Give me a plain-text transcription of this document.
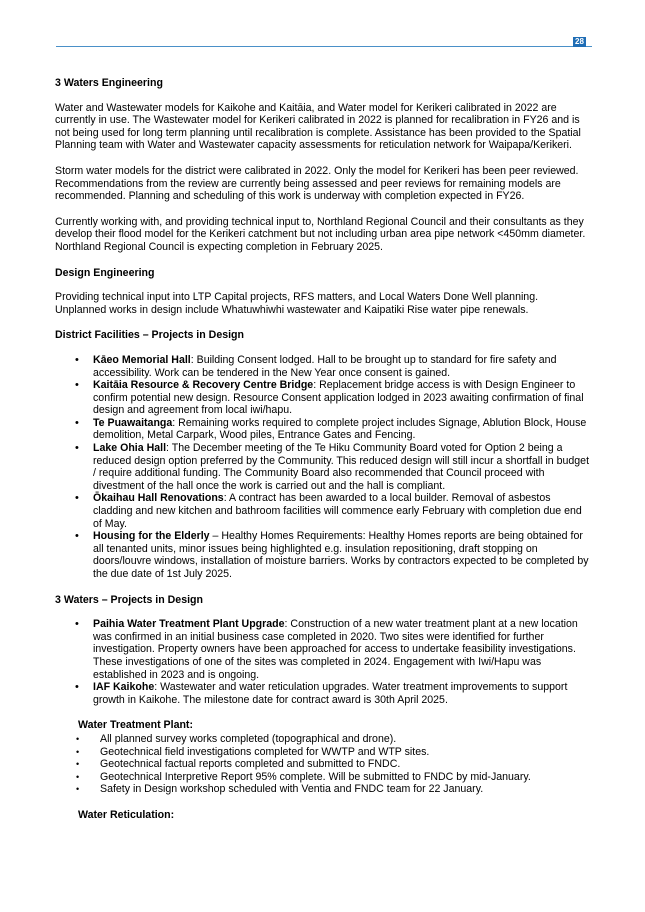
28
3 Waters Engineering

Water and Wastewater models for Kaikohe and Kaitāia, and Water model for Kerikeri calibrated in 2022 are currently in use. The Wastewater model for Kerikeri calibrated in 2022 is planned for recalibration in FY26 and is not being used for long term planning until recalibration is complete. Assistance has been provided to the Spatial Planning team with Water and Wastewater capacity assessments for reticulation network for Waipapa/Kerikeri.

Storm water models for the district were calibrated in 2022. Only the model for Kerikeri has been peer reviewed. Recommendations from the review are currently being assessed and peer reviews for remaining models are recommended. Planning and scheduling of this work is underway with completion expected in FY26.

Currently working with, and providing technical input to, Northland Regional Council and their consultants as they develop their flood model for the Kerikeri catchment but not including urban area pipe network <450mm diameter. Northland Regional Council is expecting completion in February 2025.

Design Engineering

Providing technical input into LTP Capital projects, RFS matters, and Local Waters Done Well planning. Unplanned works in design include Whatuwhiwhi wastewater and Kaipatiki Rise water pipe renewals.

District Facilities – Projects in Design
• Kāeo Memorial Hall: Building Consent lodged. Hall to be brought up to standard for fire safety and accessibility. Work can be tendered in the New Year once consent is gained.
• Kaitāia Resource & Recovery Centre Bridge: Replacement bridge access is with Design Engineer to confirm potential new design. Resource Consent application lodged in 2023 awaiting confirmation of final design and agreement from local iwi/hapu.
• Te Puawaitanga: Remaining works required to complete project includes Signage, Ablution Block, House demolition, Metal Carpark, Wood piles, Entrance Gates and Fencing.
• Lake Ohia Hall: The December meeting of the Te Hiku Community Board voted for Option 2 being a reduced design option preferred by the Community. This reduced design will still incur a shortfall in budget / require additional funding. The Community Board also recommended that Council proceed with divestment of the hall once the work is carried out and the hall is compliant.
• Ōkaihau Hall Renovations: A contract has been awarded to a local builder. Removal of asbestos cladding and new kitchen and bathroom facilities will commence early February with completion due end of May.
• Housing for the Elderly – Healthy Homes Requirements: Healthy Homes reports are being obtained for all tenanted units, minor issues being highlighted e.g. insulation repositioning, draft stopping on doors/louvre windows, installation of moisture barriers. Works by contractors expected to be completed by the due date of 1st July 2025.
3 Waters – Projects in Design
• Paihia Water Treatment Plant Upgrade: Construction of a new water treatment plant at a new location was confirmed in an initial business case completed in 2020. Two sites were identified for further investigation. Property owners have been approached for access to undertake feasibility investigations. These investigations of one of the sites was completed in 2024. Engagement with Iwi/Hapu was established in 2023 and is ongoing.
• IAF Kaikohe: Wastewater and water reticulation upgrades. Water treatment improvements to support growth in Kaikohe. The milestone date for contract award is 30th April 2025.
Water Treatment Plant:
• All planned survey works completed (topographical and drone).
• Geotechnical field investigations completed for WWTP and WTP sites.
• Geotechnical factual reports completed and submitted to FNDC.
• Geotechnical Interpretive Report 95% complete. Will be submitted to FNDC by mid-January.
• Safety in Design workshop scheduled with Ventia and FNDC team for 22 January.
Water Reticulation:
